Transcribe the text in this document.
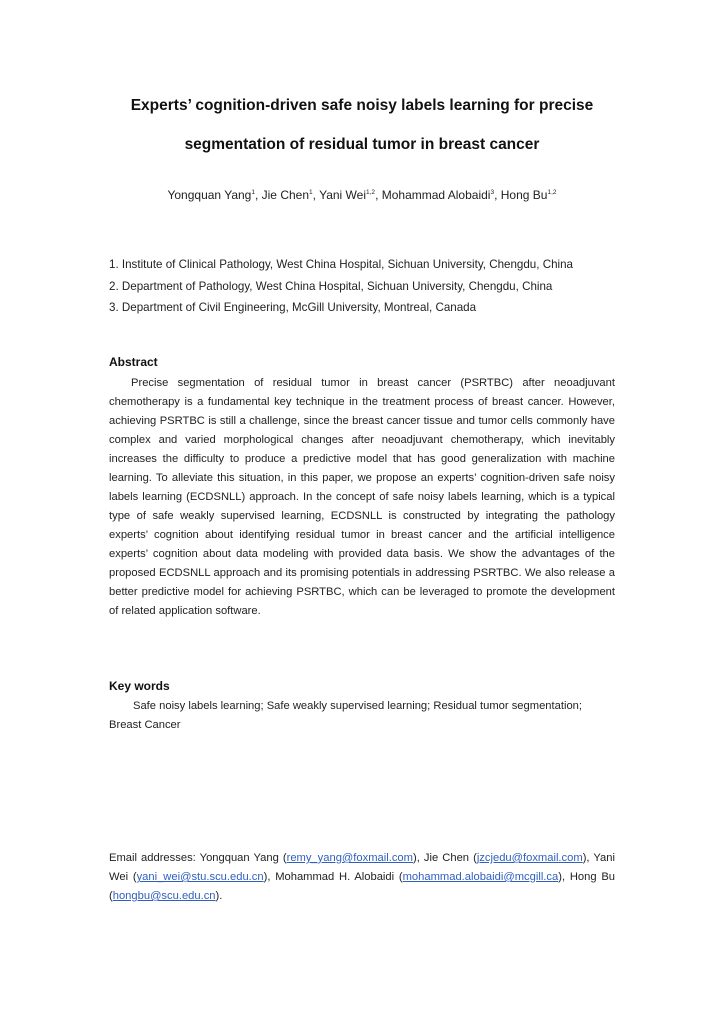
Experts’ cognition-driven safe noisy labels learning for precise
segmentation of residual tumor in breast cancer
Yongquan Yang$^1$, Jie Chen$^1$, Yani Wei$^{1,2}$, Mohammad Alobaidi$^3$, Hong Bu$^{1,2}$
1. Institute of Clinical Pathology, West China Hospital, Sichuan University, Chengdu, China
2. Department of Pathology, West China Hospital, Sichuan University, Chengdu, China
3. Department of Civil Engineering, McGill University, Montreal, Canada
Abstract

Precise segmentation of residual tumor in breast cancer (PSRTBC) after neoadjuvant chemotherapy is a fundamental key technique in the treatment process of breast cancer. However, achieving PSRTBC is still a challenge, since the breast cancer tissue and tumor cells commonly have complex and varied morphological changes after neoadjuvant chemotherapy, which inevitably increases the difficulty to produce a predictive model that has good generalization with machine learning. To alleviate this situation, in this paper, we propose an experts’ cognition-driven safe noisy labels learning (ECDSNLL) approach. In the concept of safe noisy labels learning, which is a typical type of safe weakly supervised learning, ECDSNLL is constructed by integrating the pathology experts’ cognition about identifying residual tumor in breast cancer and the artificial intelligence experts’ cognition about data modeling with provided data basis. We show the advantages of the proposed ECDSNLL approach and its promising potentials in addressing PSRTBC. We also release a better predictive model for achieving PSRTBC, which can be leveraged to promote the development of related application software.

Key words

Safe noisy labels learning; Safe weakly supervised learning; Residual tumor segmentation; Breast Cancer

Email addresses: Yongquan Yang (remy_yang@foxmail.com), Jie Chen (jzcjedu@foxmail.com), Yani Wei (yani_wei@stu.scu.edu.cn), Mohammad H. Alobaidi (mohammad.alobaidi@mcgill.ca), Hong Bu (hongbu@scu.edu.cn).
